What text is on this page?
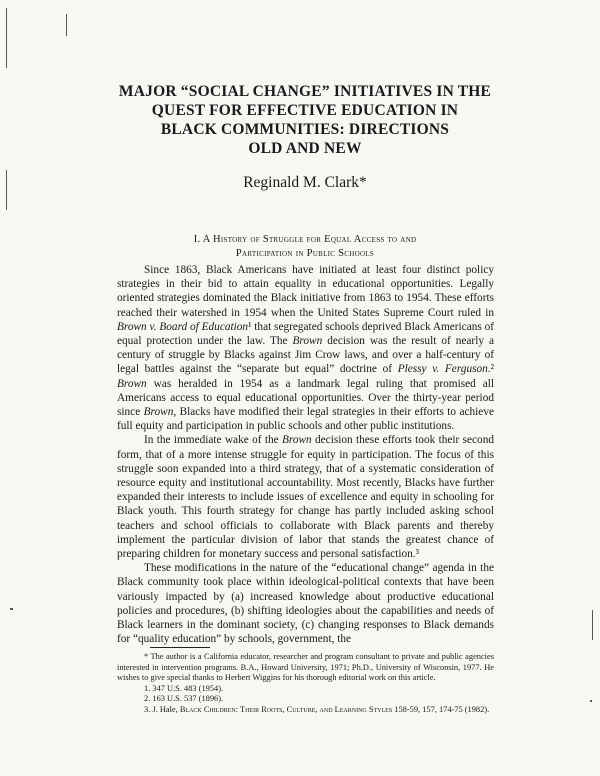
MAJOR “SOCIAL CHANGE” INITIATIVES IN THE
QUEST FOR EFFECTIVE EDUCATION IN
BLACK COMMUNITIES: DIRECTIONS
OLD AND NEW
Reginald M. Clark*
I. A History of Struggle for Equal Access to and
Participation in Public Schools

Since 1863, Black Americans have initiated at least four distinct policy strategies in their bid to attain equality in educational opportunities. Legally oriented strategies dominated the Black initiative from 1863 to 1954. These efforts reached their watershed in 1954 when the United States Supreme Court ruled in Brown v. Board of Education¹ that segregated schools deprived Black Americans of equal protection under the law. The Brown decision was the result of nearly a century of struggle by Blacks against Jim Crow laws, and over a half-century of legal battles against the “separate but equal” doctrine of Plessy v. Ferguson.² Brown was heralded in 1954 as a landmark legal ruling that promised all Americans access to equal educational opportunities. Over the thirty-year period since Brown, Blacks have modified their legal strategies in their efforts to achieve full equity and participation in public schools and other public institutions.

In the immediate wake of the Brown decision these efforts took their second form, that of a more intense struggle for equity in participation. The focus of this struggle soon expanded into a third strategy, that of a systematic consideration of resource equity and institutional accountability. Most recently, Blacks have further expanded their interests to include issues of excellence and equity in schooling for Black youth. This fourth strategy for change has partly included asking school teachers and school officials to collaborate with Black parents and thereby implement the particular division of labor that stands the greatest chance of preparing children for monetary success and personal satisfaction.³

These modifications in the nature of the “educational change” agenda in the Black community took place within ideological-political contexts that have been variously impacted by (a) increased knowledge about productive educational policies and procedures, (b) shifting ideologies about the capabilities and needs of Black learners in the dominant society, (c) changing responses to Black demands for “quality education” by schools, government, the

* The author is a California educator, researcher and program consultant to private and public agencies interested in intervention programs. B.A., Howard University, 1971; Ph.D., University of Wisconsin, 1977. He wishes to give special thanks to Herbert Wiggins for his thorough editorial work on this article.

1. 347 U.S. 483 (1954).

2. 163 U.S. 537 (1896).

3. J. Hale, Black Children: Their Roots, Culture, and Learning Styles 158-59, 157, 174-75 (1982).
